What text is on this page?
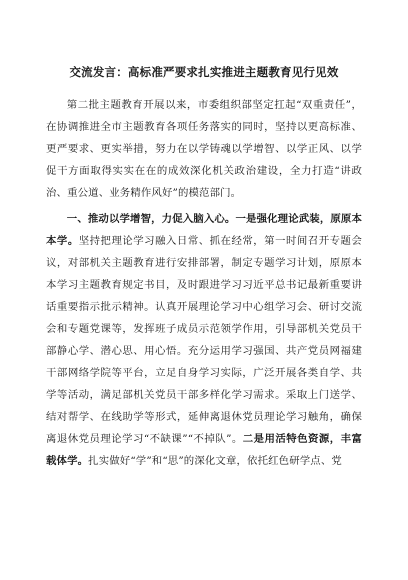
交流发言：高标准严要求扎实推进主题教育见行见效

第二批主题教育开展以来，市委组织部坚定扛起“双重责任”，在协调推进全市主题教育各项任务落实的同时，坚持以更高标准、更严要求、更实举措，努力在以学铸魂以学增智、以学正风、以学促干方面取得实实在在的成效深化机关政治建设，全力打造“讲政治、重公道、业务精作风好”的模范部门。

一、推动以学增智，力促入脑入心。一是强化理论武装，原原本本学。坚持把理论学习融入日常、抓在经常，第一时间召开专题会议，对部机关主题教育进行安排部署，制定专题学习计划，原原本本学习主题教育规定书目，及时跟进学习习近平总书记最新重要讲话重要指示批示精神。认真开展理论学习中心组学习会、研讨交流会和专题党课等，发挥班子成员示范领学作用，引导部机关党员干部静心学、潜心思、用心悟。充分运用学习强国、共产党员网福建干部网络学院等平台，立足自身学习实际，广泛开展各类自学、共学等活动，满足部机关党员干部多样化学习需求。采取上门送学、结对帮学、在线助学等形式，延伸离退休党员理论学习触角，确保离退休党员理论学习“不缺课”“不掉队”。二是用活特色资源，丰富载体学。扎实做好“学”和“思”的深化文章，依托红色研学点、党
